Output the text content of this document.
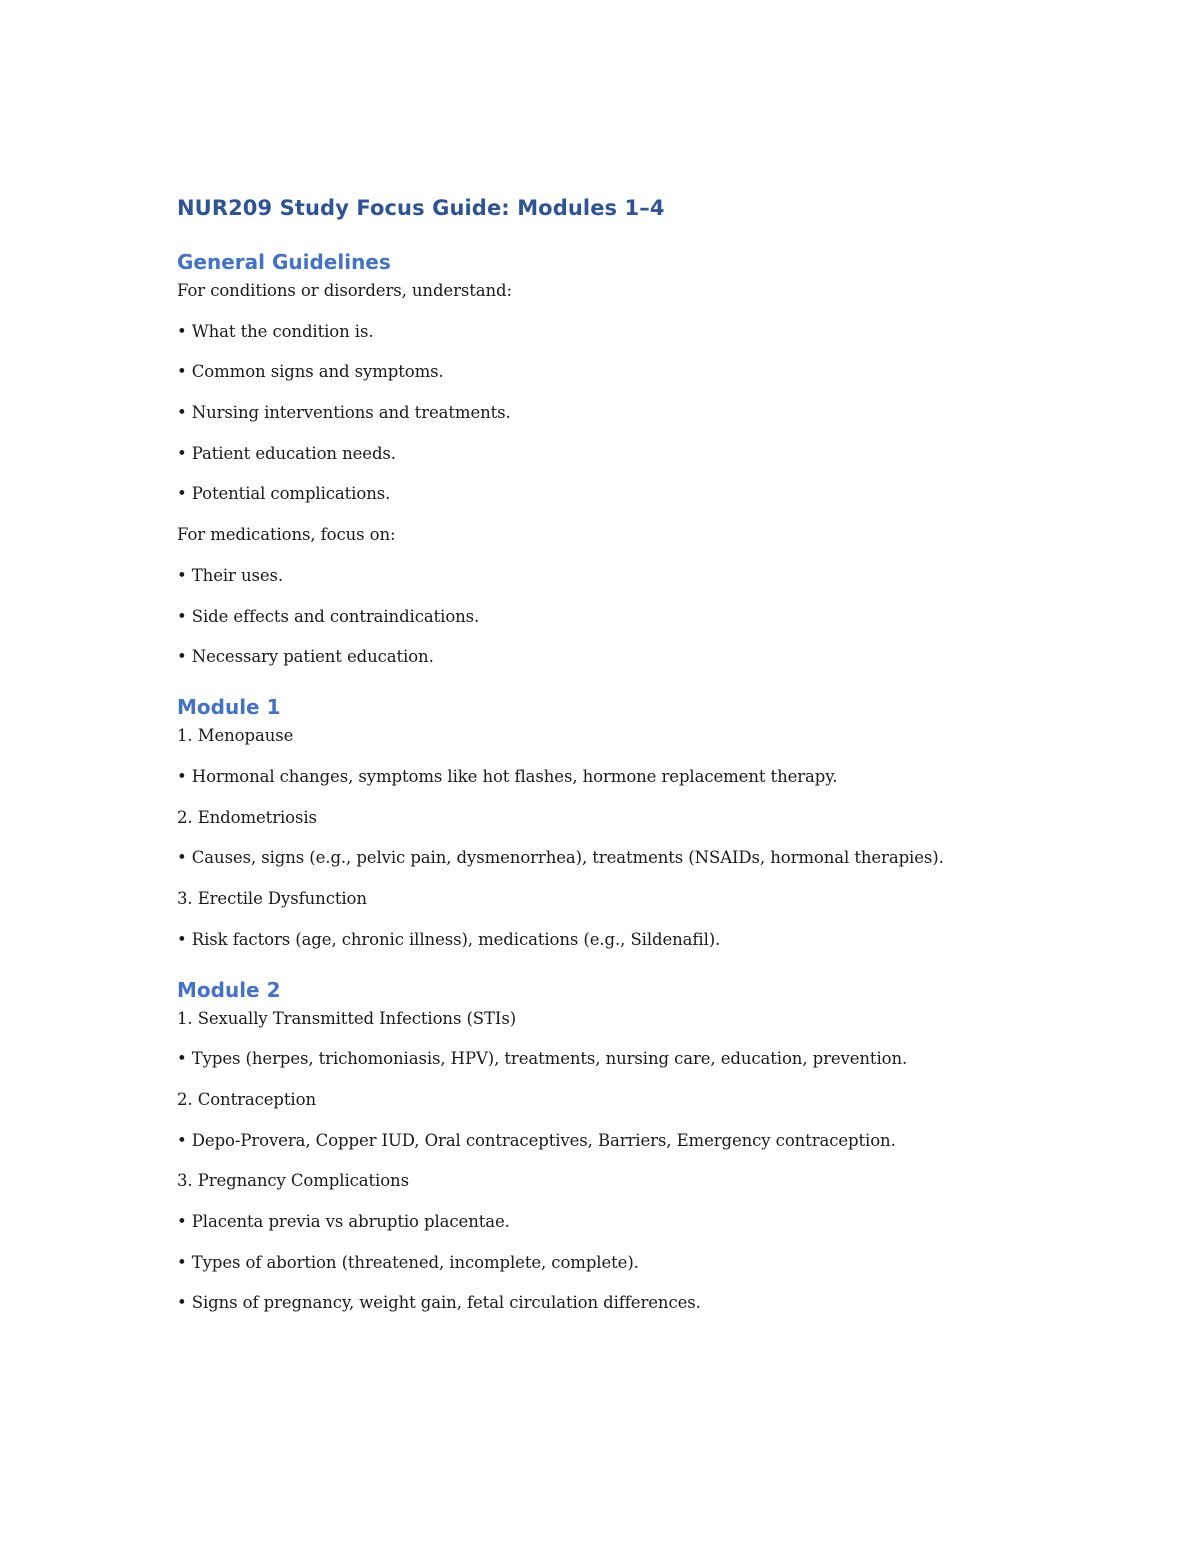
NUR209 Study Focus Guide: Modules 1–4
General Guidelines

For conditions or disorders, understand:

• What the condition is.

• Common signs and symptoms.

• Nursing interventions and treatments.

• Patient education needs.

• Potential complications.

For medications, focus on:

• Their uses.

• Side effects and contraindications.

• Necessary patient education.

Module 1

1. Menopause

• Hormonal changes, symptoms like hot flashes, hormone replacement therapy.

2. Endometriosis

• Causes, signs (e.g., pelvic pain, dysmenorrhea), treatments (NSAIDs, hormonal therapies).

3. Erectile Dysfunction

• Risk factors (age, chronic illness), medications (e.g., Sildenafil).

Module 2

1. Sexually Transmitted Infections (STIs)

• Types (herpes, trichomoniasis, HPV), treatments, nursing care, education, prevention.

2. Contraception

• Depo-Provera, Copper IUD, Oral contraceptives, Barriers, Emergency contraception.

3. Pregnancy Complications

• Placenta previa vs abruptio placentae.

• Types of abortion (threatened, incomplete, complete).

• Signs of pregnancy, weight gain, fetal circulation differences.
